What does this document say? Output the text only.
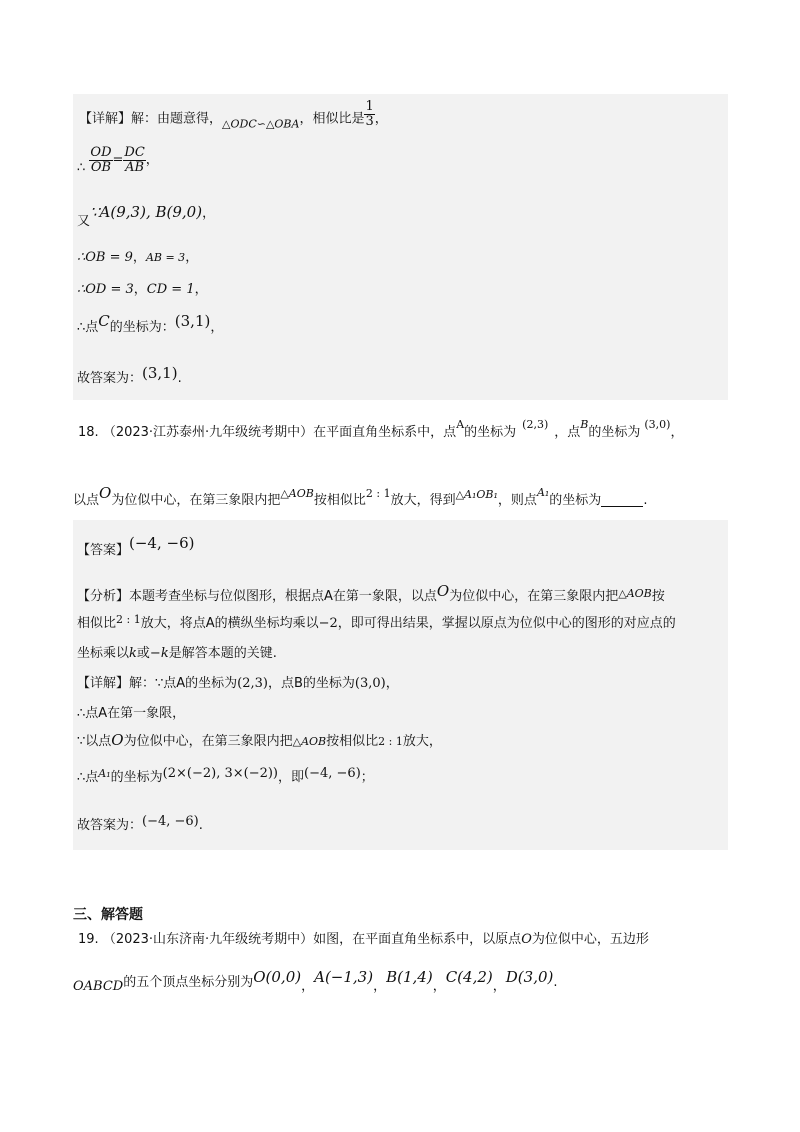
【详解】解：由题意得，$_{\triangle ODC∽\triangle OBA}$，相似比是 $\frac{1}{3}$ ，
∴ $\frac{OD}{OB} = \frac{DC}{AB}$ ，
又∵A(9,3), B(9,0)，
∴OB = 9，AB = 3，
∴OD = 3，CD = 1，
∴点C的坐标为：(3,1)，
故答案为：(3,1).
18. （2023·江苏泰州·九年级统考期中）在平面直角坐标系中，点$^A$的坐标为$^{(2,3)}$，点$^B$的坐标为$^{(3,0)}$，
以点O为位似中心，在第三象限内把$^{\triangle AOB}$按相似比$^{2 : 1}$放大，得到$^{\triangle A_1OB_1}$，则点$^{A_1}$的坐标为	.
【答案】(−4, −6)
【分析】本题考查坐标与位似图形，根据点A在第一象限，以点O为位似中心，在第三象限内把$^{\triangle AOB}$按
相似比$^{2 : 1}$放大，将点A的横纵坐标均乘以−2，即可得出结果，掌握以原点为位似中心的图形的对应点的
坐标乘以k或−k是解答本题的关键.
【详解】解：∵点A的坐标为(2,3)，点B的坐标为(3,0)，
∴点A在第一象限，
∵以点O为位似中心，在第三象限内把△AOB按相似比2 : 1放大，
∴点$^{A_1}$的坐标为(2×(−2), 3×(−2))，即(−4, −6)；
故答案为：(−4, −6).
三、解答题
19. （2023·山东济南·九年级统考期中）如图，在平面直角坐标系中，以原点O为位似中心，五边形
OABCD的五个顶点坐标分别为O(0,0)，A(−1,3)，B(1,4)，C(4,2)，D(3,0).
